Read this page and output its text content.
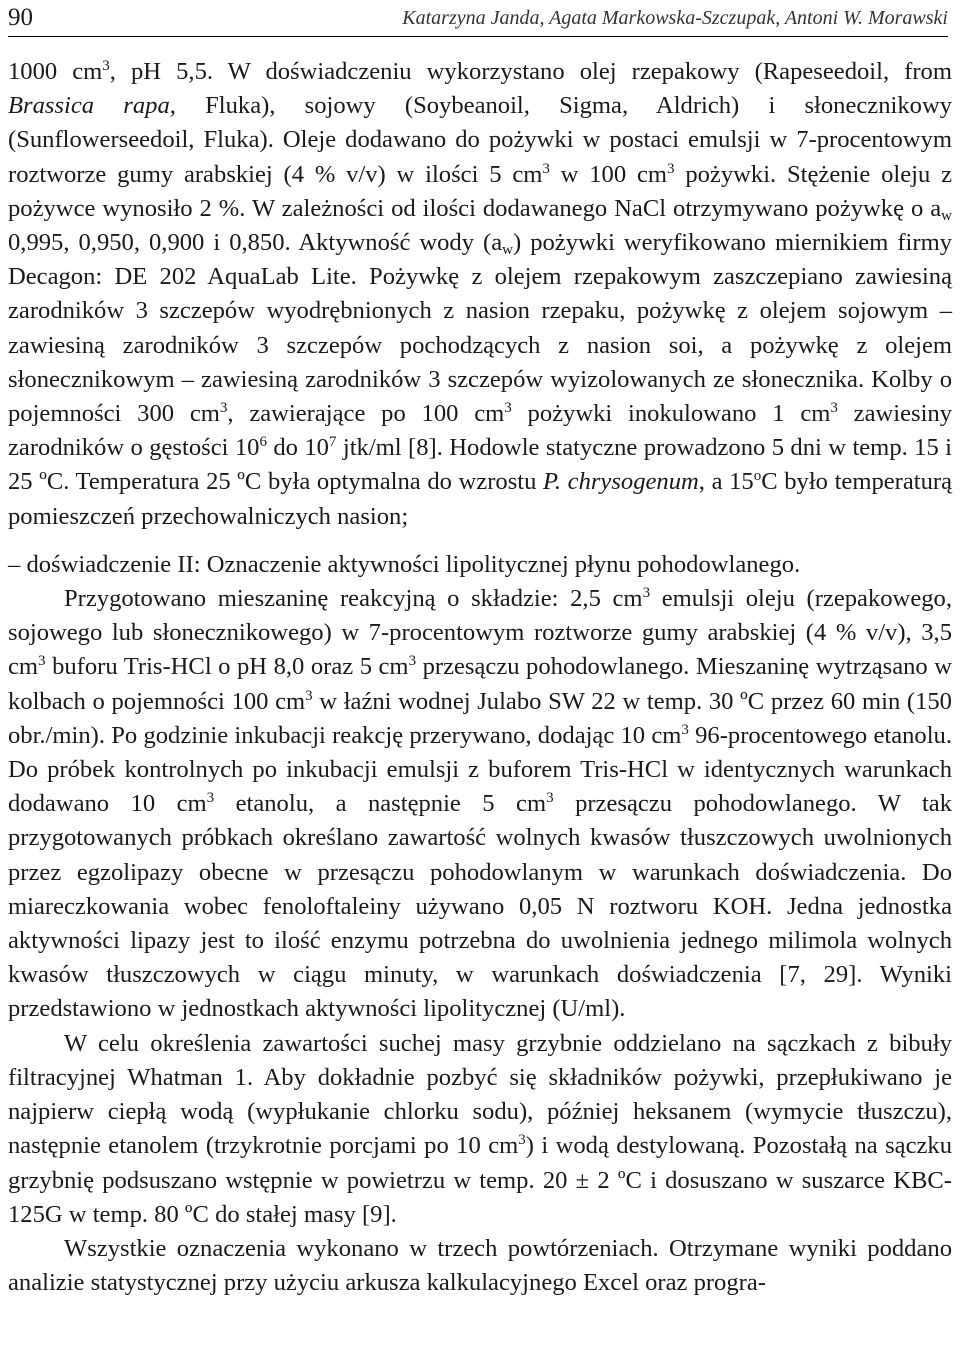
90	Katarzyna Janda, Agata Markowska-Szczupak, Antoni W. Morawski

1000 $cm^3$, pH 5,5. W doświadczeniu wykorzystano olej rzepakowy (Rapeseedoil, from Brassica rapa, Fluka), sojowy (Soybeanoil, Sigma, Aldrich) i słonecznikowy (Sunflowerseedoil, Fluka). Oleje dodawano do pożywki w postaci emulsji w 7-procentowym roztworze gumy arabskiej (4 % v/v) w ilości 5 $cm^3$ w 100 $cm^3$ pożywki. Stężenie oleju z pożywce wynosiło 2 %. W zależności od ilości dodawanego NaCl otrzymywano pożywkę o $a_w$ 0,995, 0,950, 0,900 i 0,850. Aktywność wody $(a_w)$ pożywki weryfikowano miernikiem firmy Decagon: DE 202 AquaLab Lite. Pożywkę z olejem rzepakowym zaszczepiano zawiesiną zarodników 3 szczepów wyodrębnionych z nasion rzepaku, pożywkę z olejem sojowym – zawiesiną zarodników 3 szczepów pochodzących z nasion soi, a pożywkę z olejem słonecznikowym – zawiesiną zarodników 3 szczepów wyizolowanych ze słonecznika. Kolby o pojemności 300 $cm^3$, zawierające po 100 $cm^3$ pożywki inokulowano 1 $cm^3$ zawiesiny zarodników o gęstości $10^6$ do $10^7$ jtk/ml [8]. Hodowle statyczne prowadzono 5 dni w temp. 15 i 25 ºC. Temperatura 25 ºC była optymalna do wzrostu P. chrysogenum, a 15$^o$C było temperaturą pomieszczeń przechowalniczych nasion;

– doświadczenie II: Oznaczenie aktywności lipolitycznej płynu pohodowlanego.

Przygotowano mieszaninę reakcyjną o składzie: 2,5 $cm^3$ emulsji oleju (rzepakowego, sojowego lub słonecznikowego) w 7-procentowym roztworze gumy arabskiej (4 % v/v), 3,5 $cm^3$ buforu Tris-HCl o pH 8,0 oraz 5 $cm^3$ przesączu pohodowlanego. Mieszaninę wytrząsano w kolbach o pojemności 100 $cm^3$ w łaźni wodnej Julabo SW 22 w temp. 30 ºC przez 60 min (150 obr./min). Po godzinie inkubacji reakcję przerywano, dodając 10 $cm^3$ 96-procentowego etanolu. Do próbek kontrolnych po inkubacji emulsji z buforem Tris-HCl w identycznych warunkach dodawano 10 $cm^3$ etanolu, a następnie 5 $cm^3$ przesączu pohodowlanego. W tak przygotowanych próbkach określano zawartość wolnych kwasów tłuszczowych uwolnionych przez egzolipazy obecne w przesączu pohodowlanym w warunkach doświadczenia. Do miareczkowania wobec fenoloftaleiny używano 0,05 N roztworu KOH. Jedna jednostka aktywności lipazy jest to ilość enzymu potrzebna do uwolnienia jednego milimola wolnych kwasów tłuszczowych w ciągu minuty, w warunkach doświadczenia [7, 29]. Wyniki przedstawiono w jednostkach aktywności lipolitycznej (U/ml).

W celu określenia zawartości suchej masy grzybnie oddzielano na sączkach z bibuły filtracyjnej Whatman 1. Aby dokładnie pozbyć się składników pożywki, przepłukiwano je najpierw ciepłą wodą (wypłukanie chlorku sodu), później heksanem (wymycie tłuszczu), następnie etanolem (trzykrotnie porcjami po 10 $cm^3$) i wodą destylowaną. Pozostałą na sączku grzybnię podsuszano wstępnie w powietrzu w temp. 20 ± 2 ºC i dosuszano w suszarce KBC-125G w temp. 80 ºC do stałej masy [9].

Wszystkie oznaczenia wykonano w trzech powtórzeniach. Otrzymane wyniki poddano analizie statystycznej przy użyciu arkusza kalkulacyjnego Excel oraz progra-
